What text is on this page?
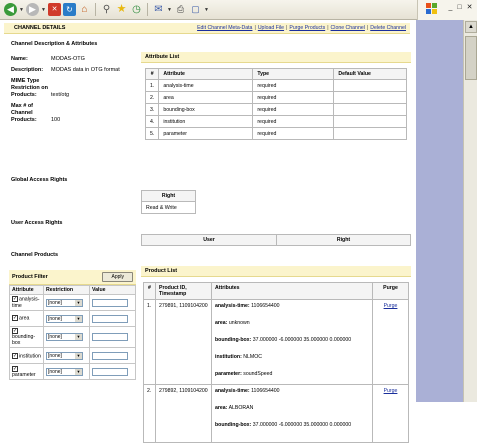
◀	▼ ▶	▼ ✕	↻ ⌂	⚲ ★ ◷ ✉ ▼ ⎙ ▢ ▼	_ □ ✕
▲
CHANNEL DETAILS	Edit Channel Meta-Data | Upload File | Purge Products | Clone Channel | Delete Channel
Channel Description & Attributes
Name:	MODAS-OTG
Description:	MODAS data in OTG format
MIME Type Restriction on Products:	text/otg
Max # of Channel Products:	100
Attribute List
#	Attribute	Type	Default Value
1.	analysis-time	required	
2.	area	required	
3.	bounding-box	required	
4.	institution	required	
5.	parameter	required	
Global Access Rights
Right
Read & Write
User Access Rights
User	Right
Channel Products
Product Filter	Apply
Attribute	Restriction	Value
✓ analysis-time	[none] ▼	

✓ area	[none] ▼	

✓bounding-box	[none] ▼	

✓ institution	[none] ▼	

✓parameter	[none] ▼	

Product List
#	Product ID, Timestamp	Attributes	Purge
1.	279891, 1109104200	analysis-time: 1106654400
area: unknown
bounding-box: 37.000000 -6.000000 35.000000 0.000000
institution: NLMOC
parameter: soundSpeed	Purge
2.	279892, 1109104200	analysis-time: 1106654400
area: ALBORAN
bounding-box: 37.000000 -6.000000 35.000000 0.000000	Purge
